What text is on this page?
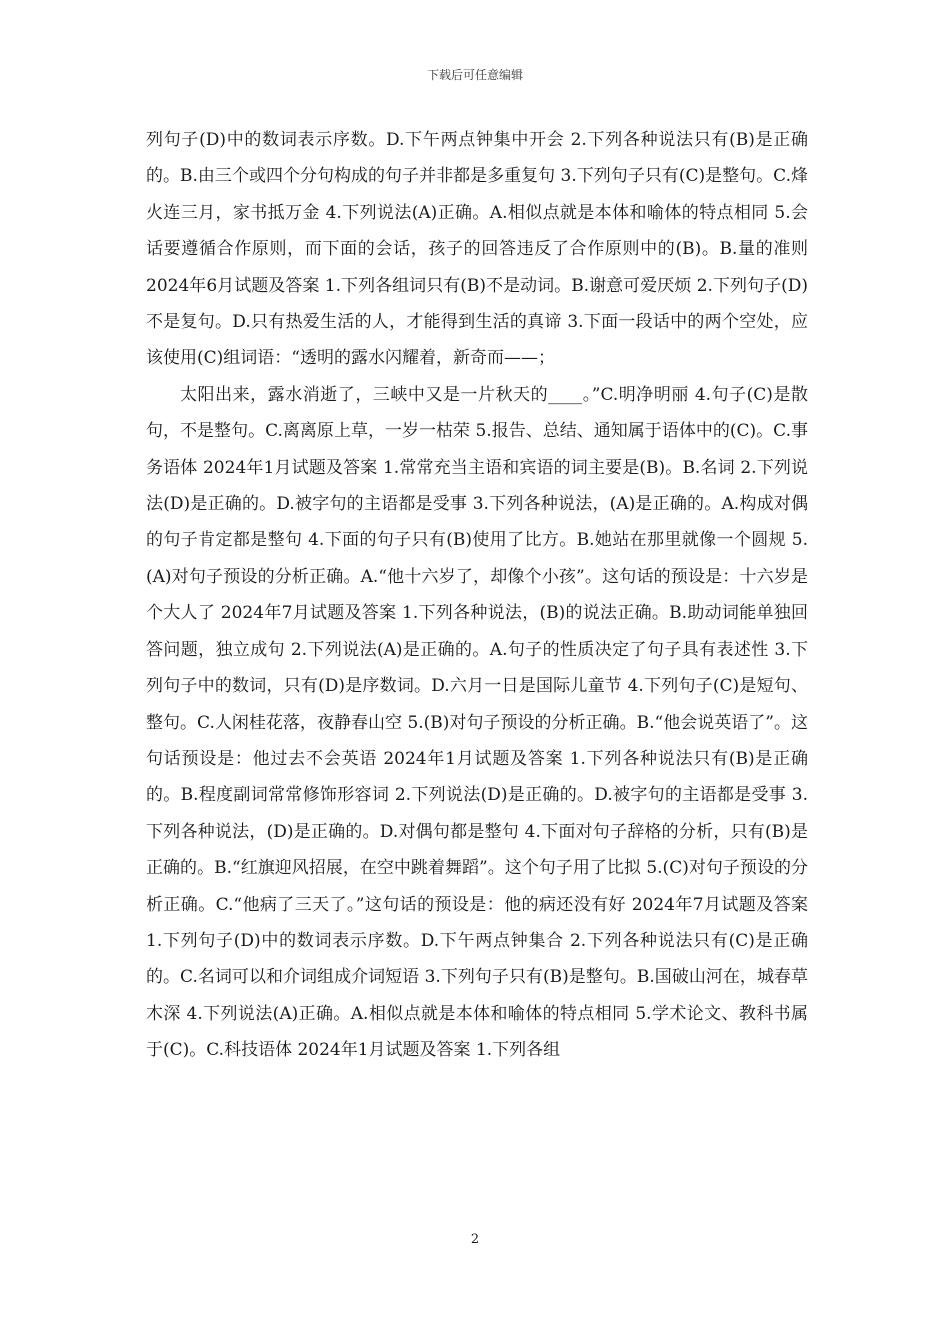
下载后可任意编辑

列句子(D)中的数词表示序数。D.下午两点钟集中开会 2.下列各种说法只有(B)是正确的。B.由三个或四个分句构成的句子并非都是多重复句 3.下列句子只有(C)是整句。C.烽火连三月，家书抵万金 4.下列说法(A)正确。A.相似点就是本体和喻体的特点相同 5.会话要遵循合作原则，而下面的会话，孩子的回答违反了合作原则中的(B)。B.量的准则 2024年6月试题及答案 1.下列各组词只有(B)不是动词。B.谢意可爱厌烦 2.下列句子(D)不是复句。D.只有热爱生活的人，才能得到生活的真谛 3.下面一段话中的两个空处，应该使用(C)组词语：“透明的露水闪耀着，新奇而——；

太阳出来，露水消逝了，三峡中又是一片秋天的____。”C.明净明丽 4.句子(C)是散句，不是整句。C.离离原上草，一岁一枯荣 5.报告、总结、通知属于语体中的(C)。C.事务语体 2024年1月试题及答案 1.常常充当主语和宾语的词主要是(B)。B.名词 2.下列说法(D)是正确的。D.被字句的主语都是受事 3.下列各种说法，(A)是正确的。A.构成对偶的句子肯定都是整句 4.下面的句子只有(B)使用了比方。B.她站在那里就像一个圆规 5.(A)对句子预设的分析正确。A.“他十六岁了，却像个小孩”。这句话的预设是：十六岁是个大人了 2024年7月试题及答案 1.下列各种说法，(B)的说法正确。B.助动词能单独回答问题，独立成句 2.下列说法(A)是正确的。A.句子的性质决定了句子具有表述性 3.下列句子中的数词，只有(D)是序数词。D.六月一日是国际儿童节 4.下列句子(C)是短句、整句。C.人闲桂花落，夜静春山空 5.(B)对句子预设的分析正确。B.“他会说英语了”。这句话预设是：他过去不会英语 2024年1月试题及答案 1.下列各种说法只有(B)是正确的。B.程度副词常常修饰形容词 2.下列说法(D)是正确的。D.被字句的主语都是受事 3.下列各种说法，(D)是正确的。D.对偶句都是整句 4.下面对句子辞格的分析，只有(B)是正确的。B.“红旗迎风招展，在空中跳着舞蹈”。这个句子用了比拟 5.(C)对句子预设的分析正确。C.“他病了三天了。”这句话的预设是：他的病还没有好 2024年7月试题及答案 1.下列句子(D)中的数词表示序数。D.下午两点钟集合 2.下列各种说法只有(C)是正确的。C.名词可以和介词组成介词短语 3.下列句子只有(B)是整句。B.国破山河在，城春草木深 4.下列说法(A)正确。A.相似点就是本体和喻体的特点相同 5.学术论文、教科书属于(C)。C.科技语体 2024年1月试题及答案 1.下列各组

2
